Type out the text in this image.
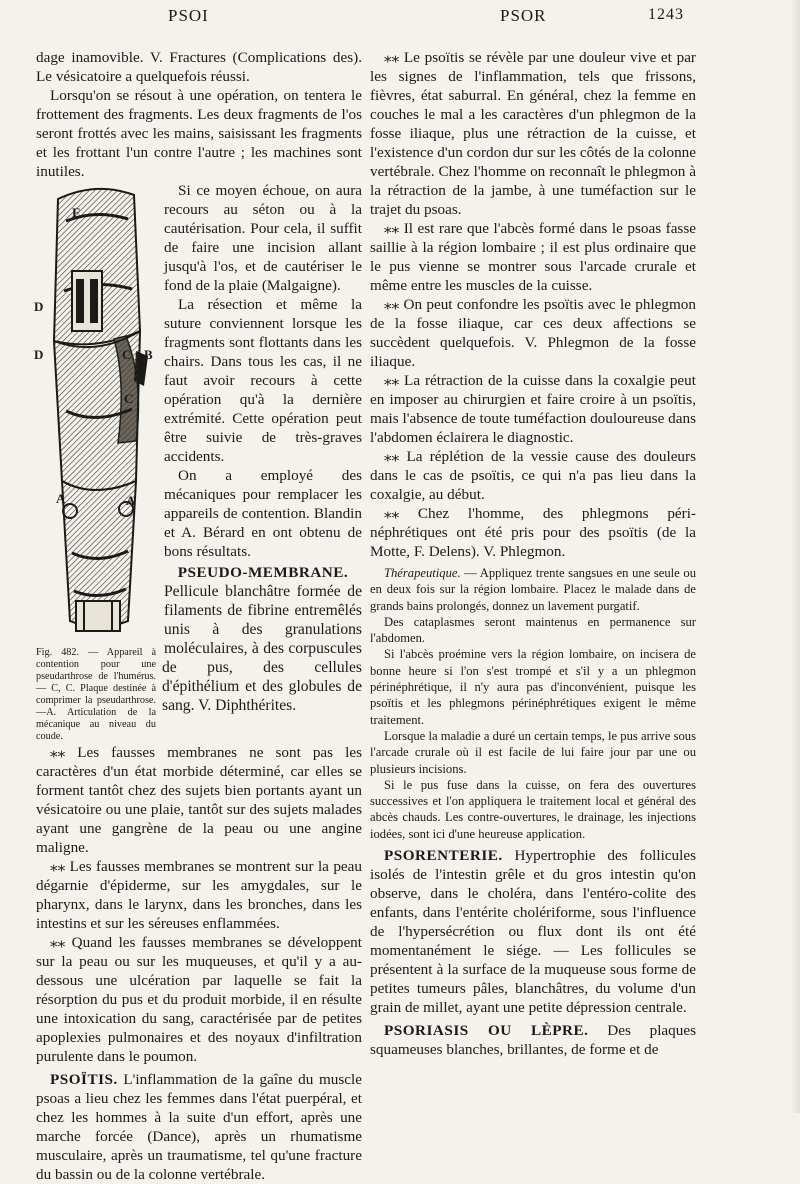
PSOI	PSOR	1243

dage inamovible. V. Fractures (Complications des). Le vésicatoire a quelquefois réussi.

Lorsqu'on se résout à une opération, on tentera le frottement des fragments. Les deux fragments de l'os seront frottés avec les mains, saisissant les fragments et les frottant l'un contre l'autre ; les machines sont inutiles.

E
D
D	C B
C
A	A

Si ce moyen échoue, on aura recours au séton ou à la cautérisation. Pour cela, il suffit de faire une incision allant jusqu'à l'os, et de cautériser le fond de la plaie (Malgaigne).

La résection et même la suture conviennent lorsque les fragments sont flottants dans les chairs. Dans tous les cas, il ne faut avoir recours à cette opération qu'à la dernière extrémité. Cette opération peut être suivie de très-graves accidents.

On a employé des mécaniques pour remplacer les appareils de contention. Blandin et A. Bérard en ont obtenu de bons résultats.

Fig. 482. — Appareil à contention pour une pseudarthrose de l'humérus.— C, C. Plaque destinée à comprimer la pseudarthrose.—A. Articulation de la mécanique au niveau du coude.

PSEUDO-MEMBRANE.

Pellicule blanchâtre formée de filaments de fibrine entremêlés unis à des granulations moléculaires, à des corpuscules de pus, des cellules d'épithélium et des globules de sang. V. Diphthérites.

⁎⁎ Les fausses membranes ne sont pas les caractères d'un état morbide déterminé, car elles se forment tantôt chez des sujets bien portants ayant un vésicatoire ou une plaie, tantôt sur des sujets malades ayant une gangrène de la peau ou une angine maligne.

⁎⁎ Les fausses membranes se montrent sur la peau dégarnie d'épiderme, sur les amygdales, sur le pharynx, dans le larynx, dans les bronches, dans les intestins et sur les séreuses enflammées.

⁎⁎ Quand les fausses membranes se développent sur la peau ou sur les muqueuses, et qu'il y a au-dessous une ulcération par laquelle se fait la résorption du pus et du produit morbide, il en résulte une intoxication du sang, caractérisée par de petites apoplexies pulmonaires et des noyaux d'infiltration purulente dans le poumon.

PSOÏTIS. L'inflammation de la gaîne du muscle psoas a lieu chez les femmes dans l'état puerpéral, et chez les hommes à la suite d'un effort, après une marche forcée (Dance), après un rhumatisme musculaire, après un traumatisme, tel qu'une fracture du bassin ou de la colonne vertébrale.

⁎⁎ Le psoïtis se révèle par une douleur vive et par les signes de l'inflammation, tels que frissons, fièvres, état saburral. En général, chez la femme en couches le mal a les caractères d'un phlegmon de la fosse iliaque, plus une rétraction de la cuisse, et l'existence d'un cordon dur sur les côtés de la colonne vertébrale. Chez l'homme on reconnaît le phlegmon à la rétraction de la jambe, à une tuméfaction sur le trajet du psoas.

⁎⁎ Il est rare que l'abcès formé dans le psoas fasse saillie à la région lombaire ; il est plus ordinaire que le pus vienne se montrer sous l'arcade crurale et même entre les muscles de la cuisse.

⁎⁎ On peut confondre les psoïtis avec le phlegmon de la fosse iliaque, car ces deux affections se succèdent quelquefois. V. Phlegmon de la fosse iliaque.

⁎⁎ La rétraction de la cuisse dans la coxalgie peut en imposer au chirurgien et faire croire à un psoïtis, mais l'absence de toute tuméfaction douloureuse dans l'abdomen éclairera le diagnostic.

⁎⁎ La réplétion de la vessie cause des douleurs dans le cas de psoïtis, ce qui n'a pas lieu dans la coxalgie, au début.

⁎⁎ Chez l'homme, des phlegmons péri-néphrétiques ont été pris pour des psoïtis (de la Motte, F. Delens). V. Phlegmon.

Thérapeutique. — Appliquez trente sangsues en une seule ou en deux fois sur la région lombaire. Placez le malade dans de grands bains prolongés, donnez un lavement purgatif.

Des cataplasmes seront maintenus en permanence sur l'abdomen.

Si l'abcès proémine vers la région lombaire, on incisera de bonne heure si l'on s'est trompé et s'il y a un phlegmon périnéphrétique, il n'y aura pas d'inconvénient, puisque les psoïtis et les phlegmons périnéphrétiques exigent le même traitement.

Lorsque la maladie a duré un certain temps, le pus arrive sous l'arcade crurale où il est facile de lui faire jour par une ou plusieurs incisions.

Si le pus fuse dans la cuisse, on fera des ouvertures successives et l'on appliquera le traitement local et général des abcès chauds. Les contre-ouvertures, le drainage, les injections iodées, sont ici d'une heureuse application.

PSORENTERIE. Hypertrophie des follicules isolés de l'intestin grêle et du gros intestin qu'on observe, dans le choléra, dans l'entéro-colite des enfants, dans l'entérite cholériforme, sous l'influence de l'hypersécrétion ou flux dont ils ont été momentanément le siége. — Les follicules se présentent à la surface de la muqueuse sous forme de petites tumeurs pâles, blanchâtres, du volume d'un grain de millet, ayant une petite dépression centrale.

PSORIASIS OU LÈPRE. Des plaques squameuses blanches, brillantes, de forme et de
